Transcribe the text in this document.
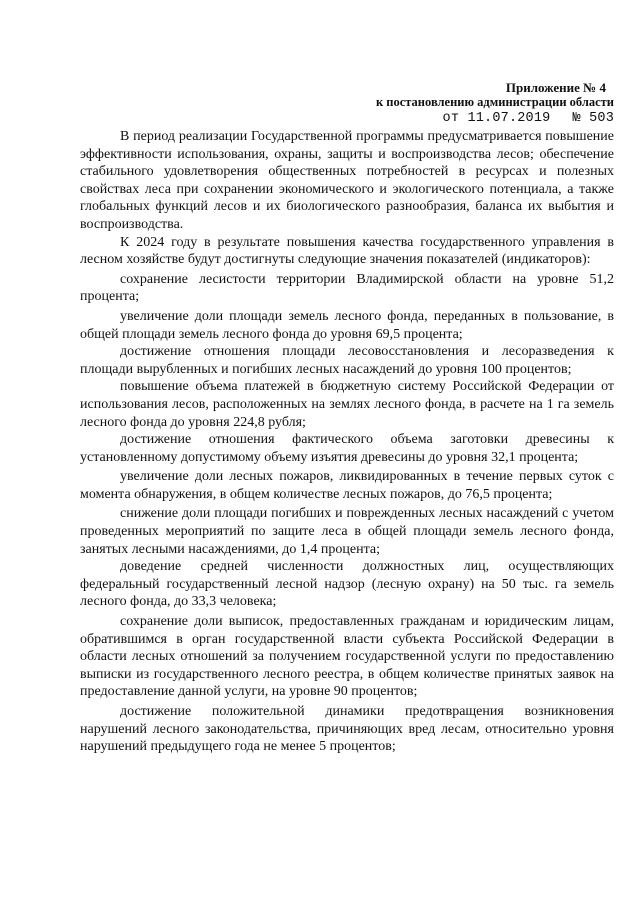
Приложение № 4
к постановлению администрации области
от 11.07.2019 № 503

В период реализации Государственной программы предусматривается повышение эффективности использования, охраны, защиты и воспроизводства лесов; обеспечение стабильного удовлетворения общественных потребностей в ресурсах и полезных свойствах леса при сохранении экономического и экологического потенциала, а также глобальных функций лесов и их биологического разнообразия, баланса их выбытия и воспроизводства.

К 2024 году в результате повышения качества государственного управления в лесном хозяйстве будут достигнуты следующие значения показателей (индикаторов):

сохранение лесистости территории Владимирской области на уровне 51,2 процента;

увеличение доли площади земель лесного фонда, переданных в пользование, в общей площади земель лесного фонда до уровня 69,5 процента;

достижение отношения площади лесовосстановления и лесоразведения к площади вырубленных и погибших лесных насаждений до уровня 100 процентов;

повышение объема платежей в бюджетную систему Российской Федерации от использования лесов, расположенных на землях лесного фонда, в расчете на 1 га земель лесного фонда до уровня 224,8 рубля;

достижение отношения фактического объема заготовки древесины к установленному допустимому объему изъятия древесины до уровня 32,1 процента;

увеличение доли лесных пожаров, ликвидированных в течение первых суток с момента обнаружения, в общем количестве лесных пожаров, до 76,5 процента;

снижение доли площади погибших и поврежденных лесных насаждений с учетом проведенных мероприятий по защите леса в общей площади земель лесного фонда, занятых лесными насаждениями, до 1,4 процента;

доведение средней численности должностных лиц, осуществляющих федеральный государственный лесной надзор (лесную охрану) на 50 тыс. га земель лесного фонда, до 33,3 человека;

сохранение доли выписок, предоставленных гражданам и юридическим лицам, обратившимся в орган государственной власти субъекта Российской Федерации в области лесных отношений за получением государственной услуги по предоставлению выписки из государственного лесного реестра, в общем количестве принятых заявок на предоставление данной услуги, на уровне 90 процентов;

достижение положительной динамики предотвращения возникновения нарушений лесного законодательства, причиняющих вред лесам, относительно уровня нарушений предыдущего года не менее 5 процентов;
